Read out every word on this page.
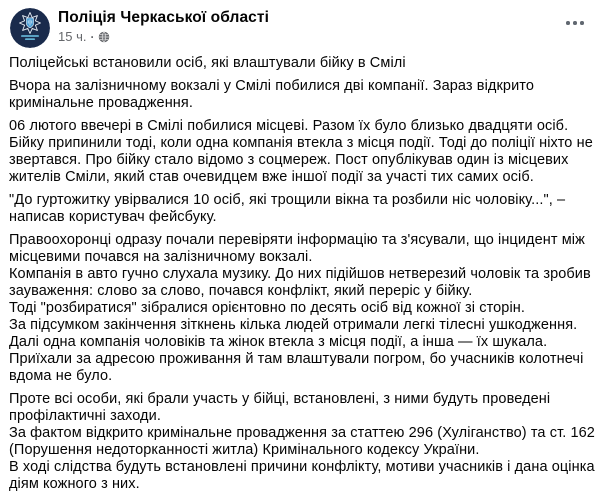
Поліція Черкаської області
15 ч. ·
Поліцейські встановили осіб, які влаштували бійку в Смілі
Вчора на залізничному вокзалі у Смілі побилися дві компанії. Зараз відкрито кримінальне провадження.
06 лютого ввечері в Смілі побилися місцеві. Разом їх було близько двадцяти осіб. Бійку припинили тоді, коли одна компанія втекла з місця події. Тоді до поліції ніхто не звертався. Про бійку стало відомо з соцмереж. Пост опублікував один із місцевих жителів Сміли, який став очевидцем вже іншої події за участі тих самих осіб.
"До гуртожитку увірвалися 10 осіб, які трощили вікна та розбили ніс чоловіку...", – написав користувач фейсбуку.
Правоохоронці одразу почали перевіряти інформацію та з'ясували, що інцидент між місцевими почався на залізничному вокзалі.
Компанія в авто гучно слухала музику. До них підійшов нетверезий чоловік та зробив зауваження: слово за слово, почався конфлікт, який переріс у бійку.
Тоді "розбиратися" зібралися орієнтовно по десять осіб від кожної зі сторін.
За підсумком закінчення зіткнень кілька людей отримали легкі тілесні ушкодження.
Далі одна компанія чоловіків та жінок втекла з місця події, а інша — їх шукала.
Приїхали за адресою проживання й там влаштували погром, бо учасників колотнечі вдома не було.
Проте всі особи, які брали участь у бійці, встановлені, з ними будуть проведені профілактичні заходи.
За фактом відкрито кримінальне провадження за статтею 296 (Хуліганство) та ст. 162 (Порушення недоторканності житла) Кримінального кодексу України.
В ході слідства будуть встановлені причини конфлікту, мотиви учасників і дана оцінка діям кожного з них.
